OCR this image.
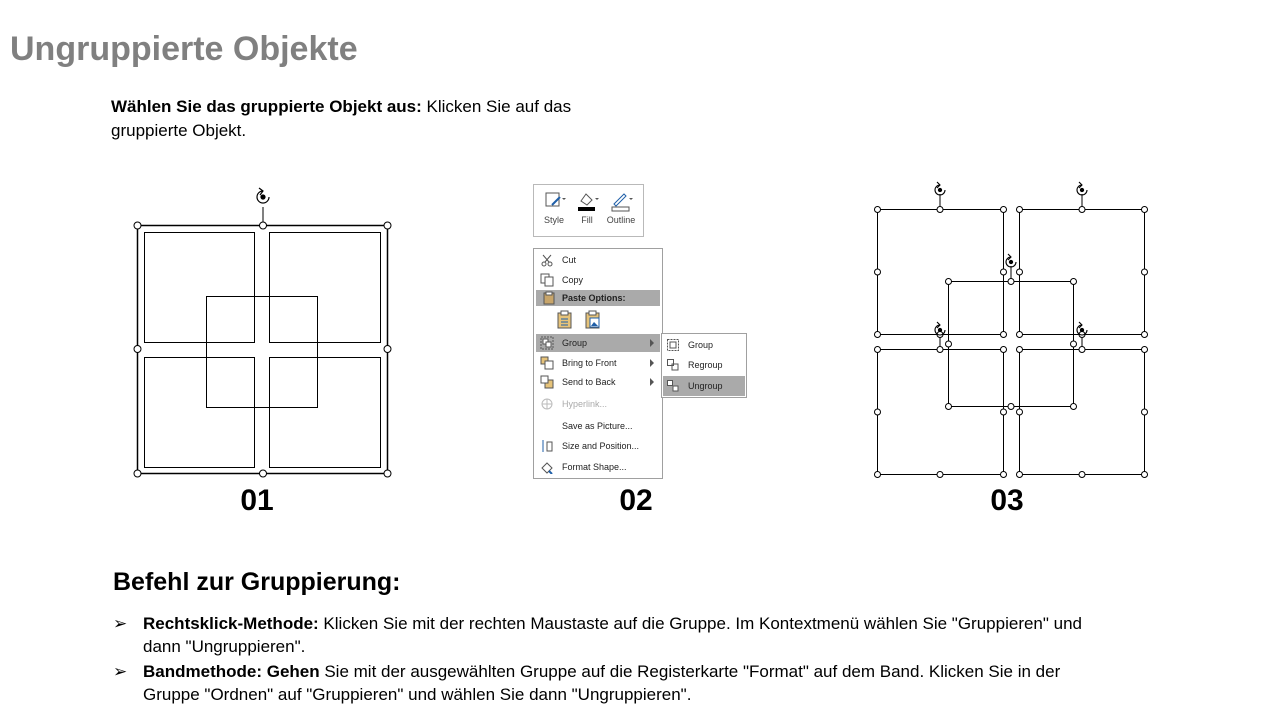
Ungruppierte Objekte
Wählen Sie das gruppierte Objekt aus: Klicken Sie auf das gruppierte Objekt.
01
Style	Fill	Outline
Cut
Copy
Paste Options:
Group
Bring to Front
Send to Back
Hyperlink...
Save as Picture...
Size and Position...
Format Shape...
Group
Regroup
Ungroup
02	03
Befehl zur Gruppierung:
➢ Rechtsklick-Methode: Klicken Sie mit der rechten Maustaste auf die Gruppe. Im Kontextmenü wählen Sie "Gruppieren" und dann "Ungruppieren".
➢ Bandmethode: Gehen Sie mit der ausgewählten Gruppe auf die Registerkarte "Format" auf dem Band. Klicken Sie in der Gruppe "Ordnen" auf "Gruppieren" und wählen Sie dann "Ungruppieren".
